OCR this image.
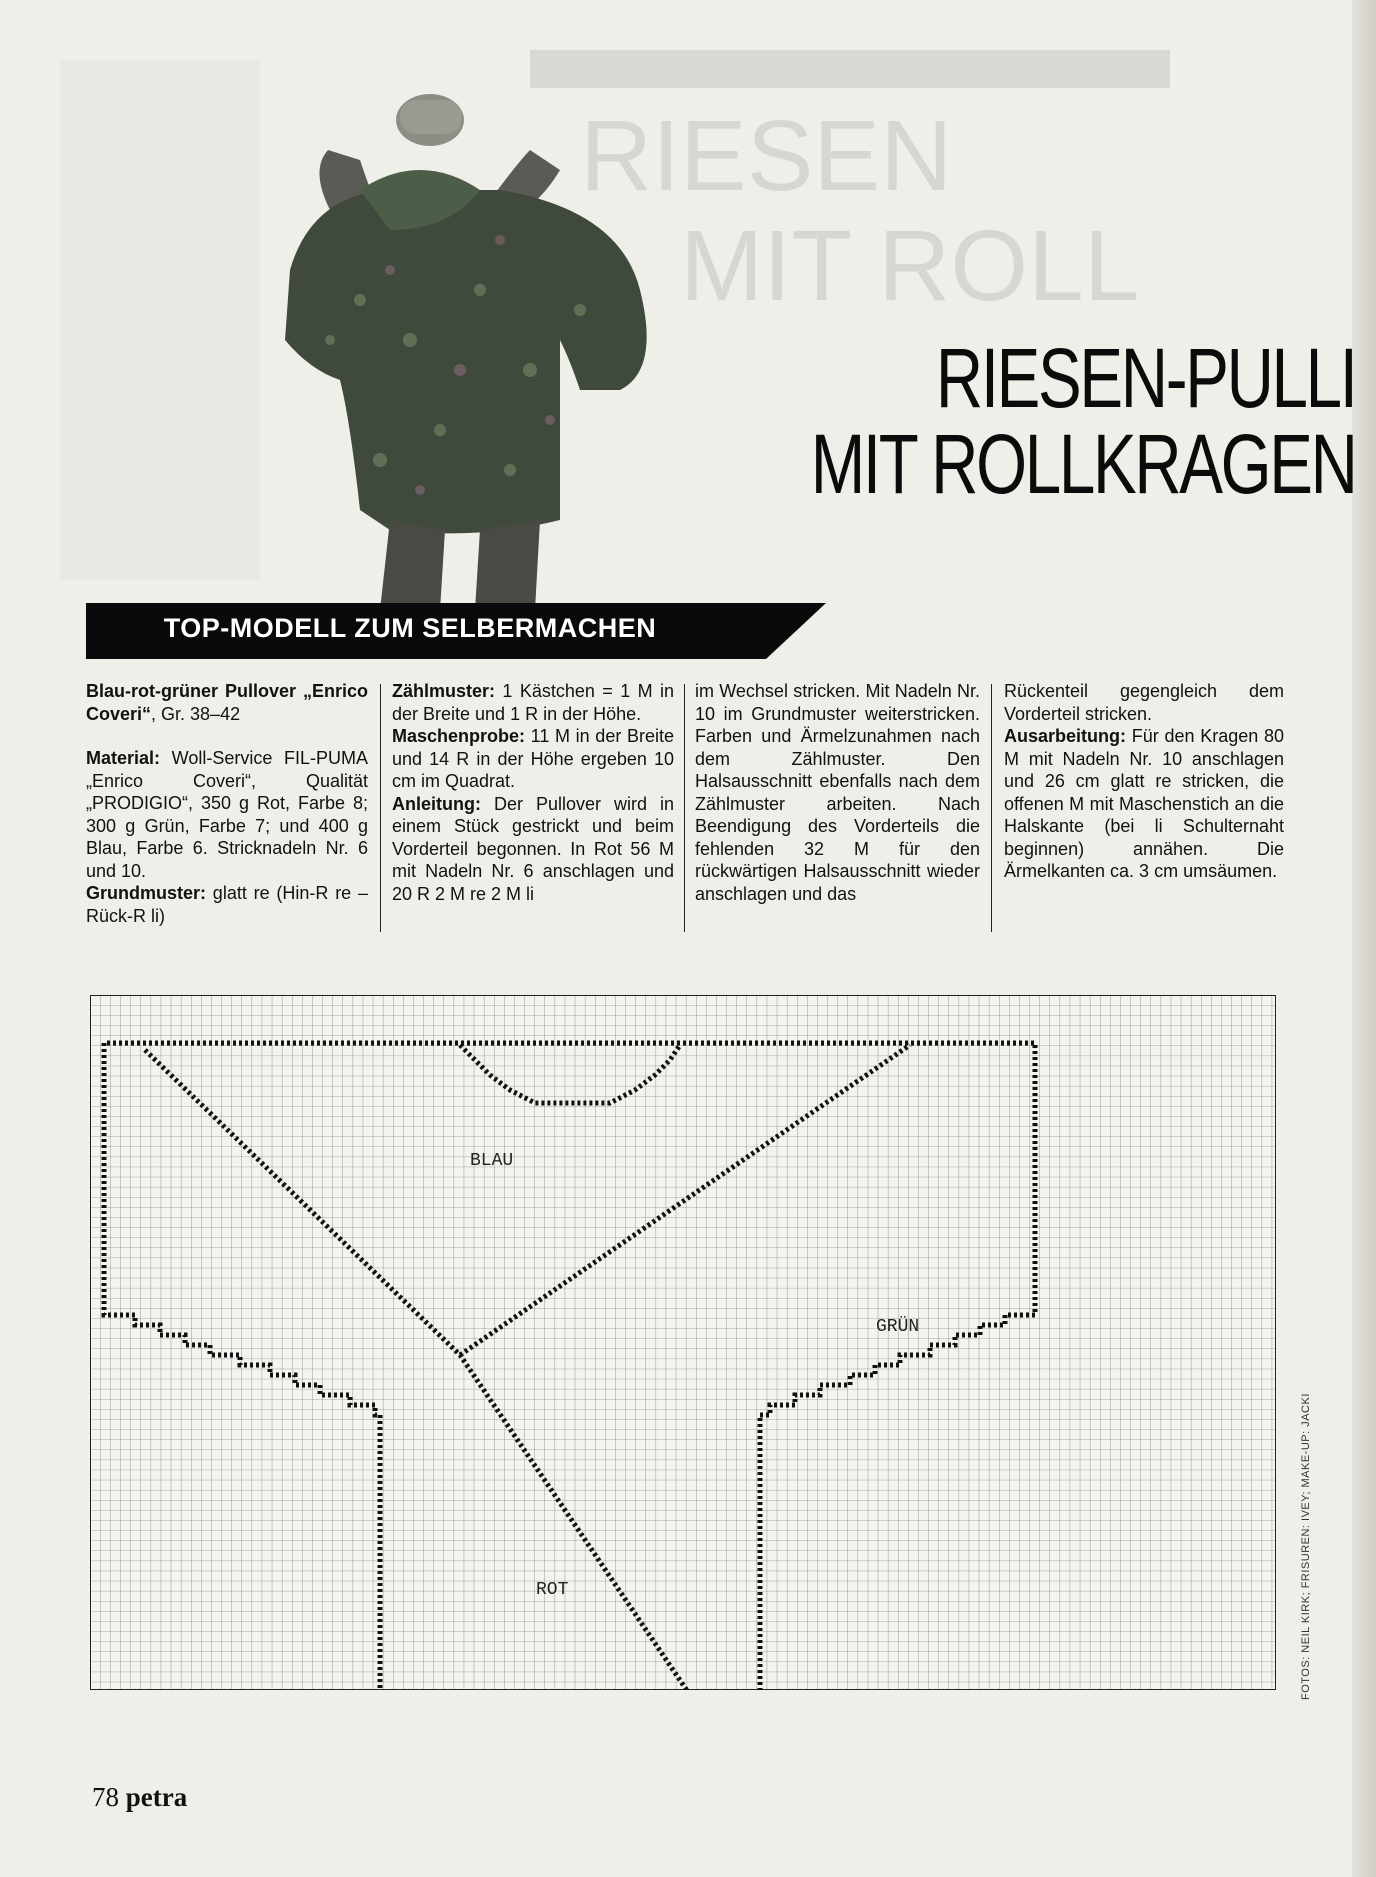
RIESEN
MIT ROLL
RIESEN-PULLI
MIT ROLLKRAGEN
TOP-MODELL ZUM SELBERMACHEN

Blau-rot-grüner Pullover „Enrico Coveri“, Gr. 38–42

Material: Woll-Service FIL-PUMA „Enrico Coveri“, Qualität „PRODIGIO“, 350 g Rot, Farbe 8; 300 g Grün, Farbe 7; und 400 g Blau, Farbe 6. Stricknadeln Nr. 6 und 10.

Grundmuster: glatt re (Hin-R re – Rück-R li)

Zählmuster: 1 Kästchen = 1 M in der Breite und 1 R in der Höhe.

Maschenprobe: 11 M in der Breite und 14 R in der Höhe ergeben 10 cm im Quadrat.

Anleitung: Der Pullover wird in einem Stück gestrickt und beim Vorderteil begonnen. In Rot 56 M mit Nadeln Nr. 6 anschlagen und 20 R 2 M re 2 M li

im Wechsel stricken. Mit Nadeln Nr. 10 im Grundmuster weiterstricken. Farben und Ärmelzunahmen nach dem Zählmuster. Den Halsausschnitt ebenfalls nach dem Zählmuster arbeiten. Nach Beendigung des Vorderteils die fehlenden 32 M für den rückwärtigen Halsausschnitt wieder anschlagen und das

Rückenteil gegengleich dem Vorderteil stricken.

Ausarbeitung: Für den Kragen 80 M mit Nadeln Nr. 10 anschlagen und 26 cm glatt re stricken, die offenen M mit Maschenstich an die Halskante (bei li Schulternaht beginnen) annähen. Die Ärmelkanten ca. 3 cm umsäumen.

BLAU
GRÜN
ROT	FOTOS: NEIL KIRK; FRISUREN: IVEY; MAKE-UP: JACKI
78 petra
